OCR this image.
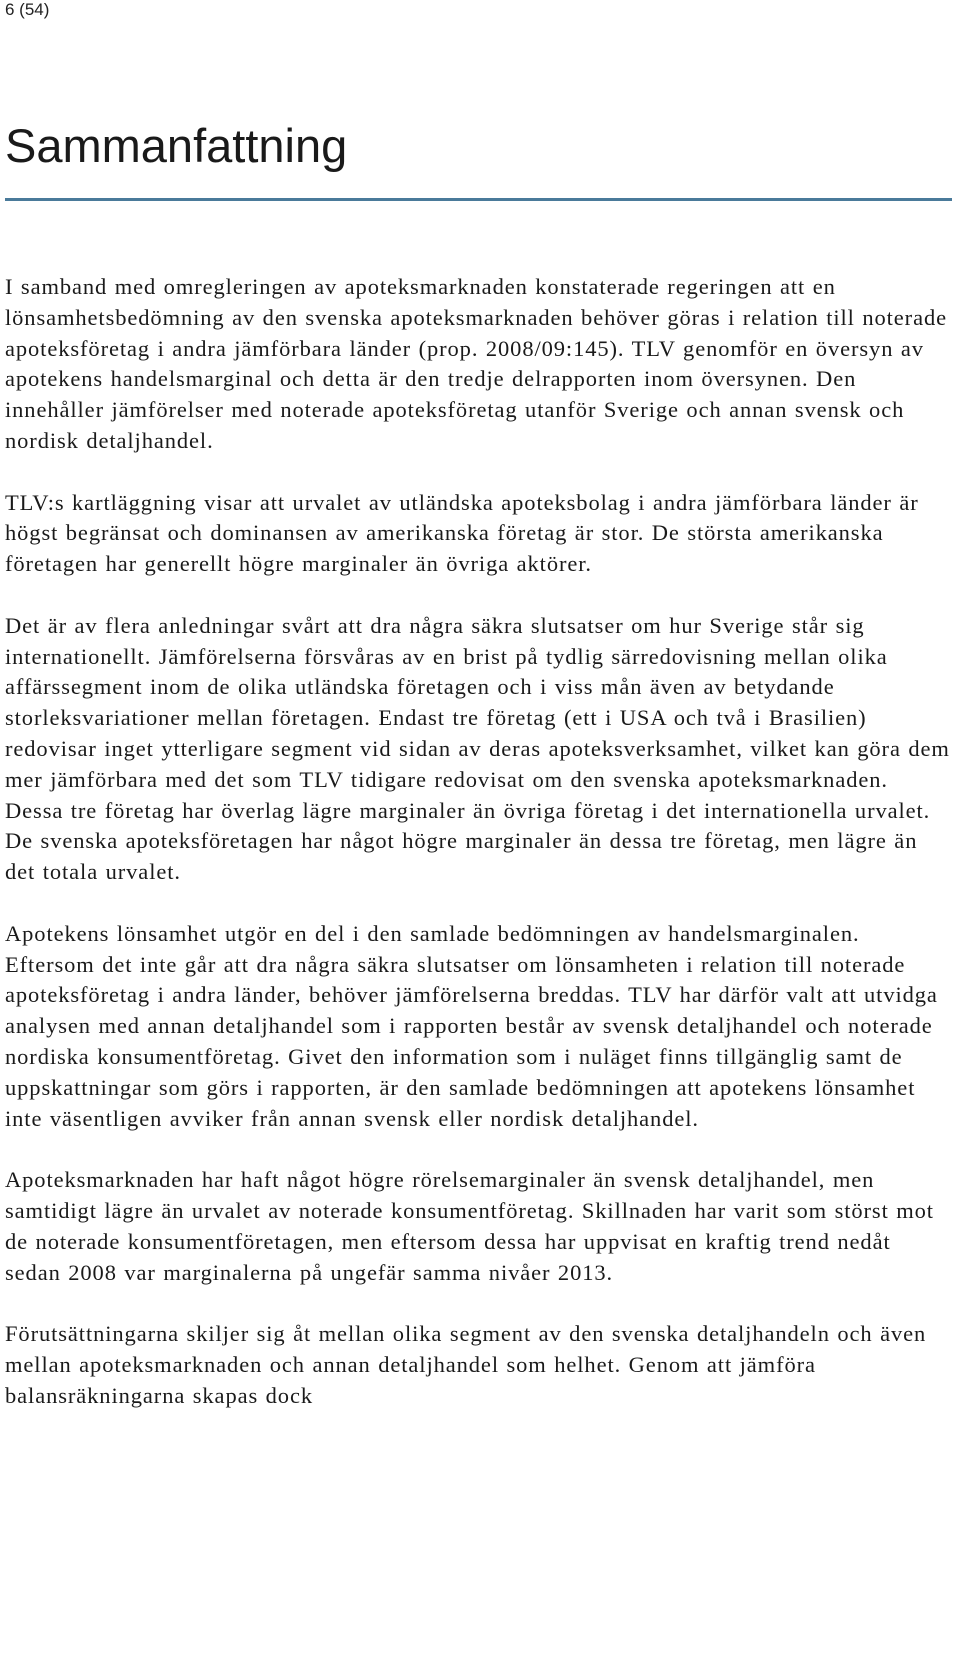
6 (54)
Sammanfattning

I samband med omregleringen av apoteksmarknaden konstaterade regeringen att en lönsamhetsbedömning av den svenska apoteksmarknaden behöver göras i relation till noterade apoteksföretag i andra jämförbara länder (prop. 2008/09:145). TLV genomför en översyn av apotekens handelsmarginal och detta är den tredje delrapporten inom översynen. Den innehåller jämförelser med noterade apoteksföretag utanför Sverige och annan svensk och nordisk detaljhandel.

TLV:s kartläggning visar att urvalet av utländska apoteksbolag i andra jämförbara länder är högst begränsat och dominansen av amerikanska företag är stor. De största amerikanska företagen har generellt högre marginaler än övriga aktörer.

Det är av flera anledningar svårt att dra några säkra slutsatser om hur Sverige står sig internationellt. Jämförelserna försvåras av en brist på tydlig särredovisning mellan olika affärssegment inom de olika utländska företagen och i viss mån även av betydande storleksvariationer mellan företagen. Endast tre företag (ett i USA och två i Brasilien) redovisar inget ytterligare segment vid sidan av deras apoteksverksamhet, vilket kan göra dem mer jämförbara med det som TLV tidigare redovisat om den svenska apoteksmarknaden. Dessa tre företag har överlag lägre marginaler än övriga företag i det internationella urvalet. De svenska apoteksföretagen har något högre marginaler än dessa tre företag, men lägre än det totala urvalet.

Apotekens lönsamhet utgör en del i den samlade bedömningen av handelsmarginalen. Eftersom det inte går att dra några säkra slutsatser om lönsamheten i relation till noterade apoteksföretag i andra länder, behöver jämförelserna breddas. TLV har därför valt att utvidga analysen med annan detaljhandel som i rapporten består av svensk detaljhandel och noterade nordiska konsumentföretag. Givet den information som i nuläget finns tillgänglig samt de uppskattningar som görs i rapporten, är den samlade bedömningen att apotekens lönsamhet inte väsentligen avviker från annan svensk eller nordisk detaljhandel.

Apoteksmarknaden har haft något högre rörelsemarginaler än svensk detaljhandel, men samtidigt lägre än urvalet av noterade konsumentföretag. Skillnaden har varit som störst mot de noterade konsumentföretagen, men eftersom dessa har uppvisat en kraftig trend nedåt sedan 2008 var marginalerna på ungefär samma nivåer 2013.

Förutsättningarna skiljer sig åt mellan olika segment av den svenska detaljhandeln och även mellan apoteksmarknaden och annan detaljhandel som helhet. Genom att jämföra balansräkningarna skapas dock
